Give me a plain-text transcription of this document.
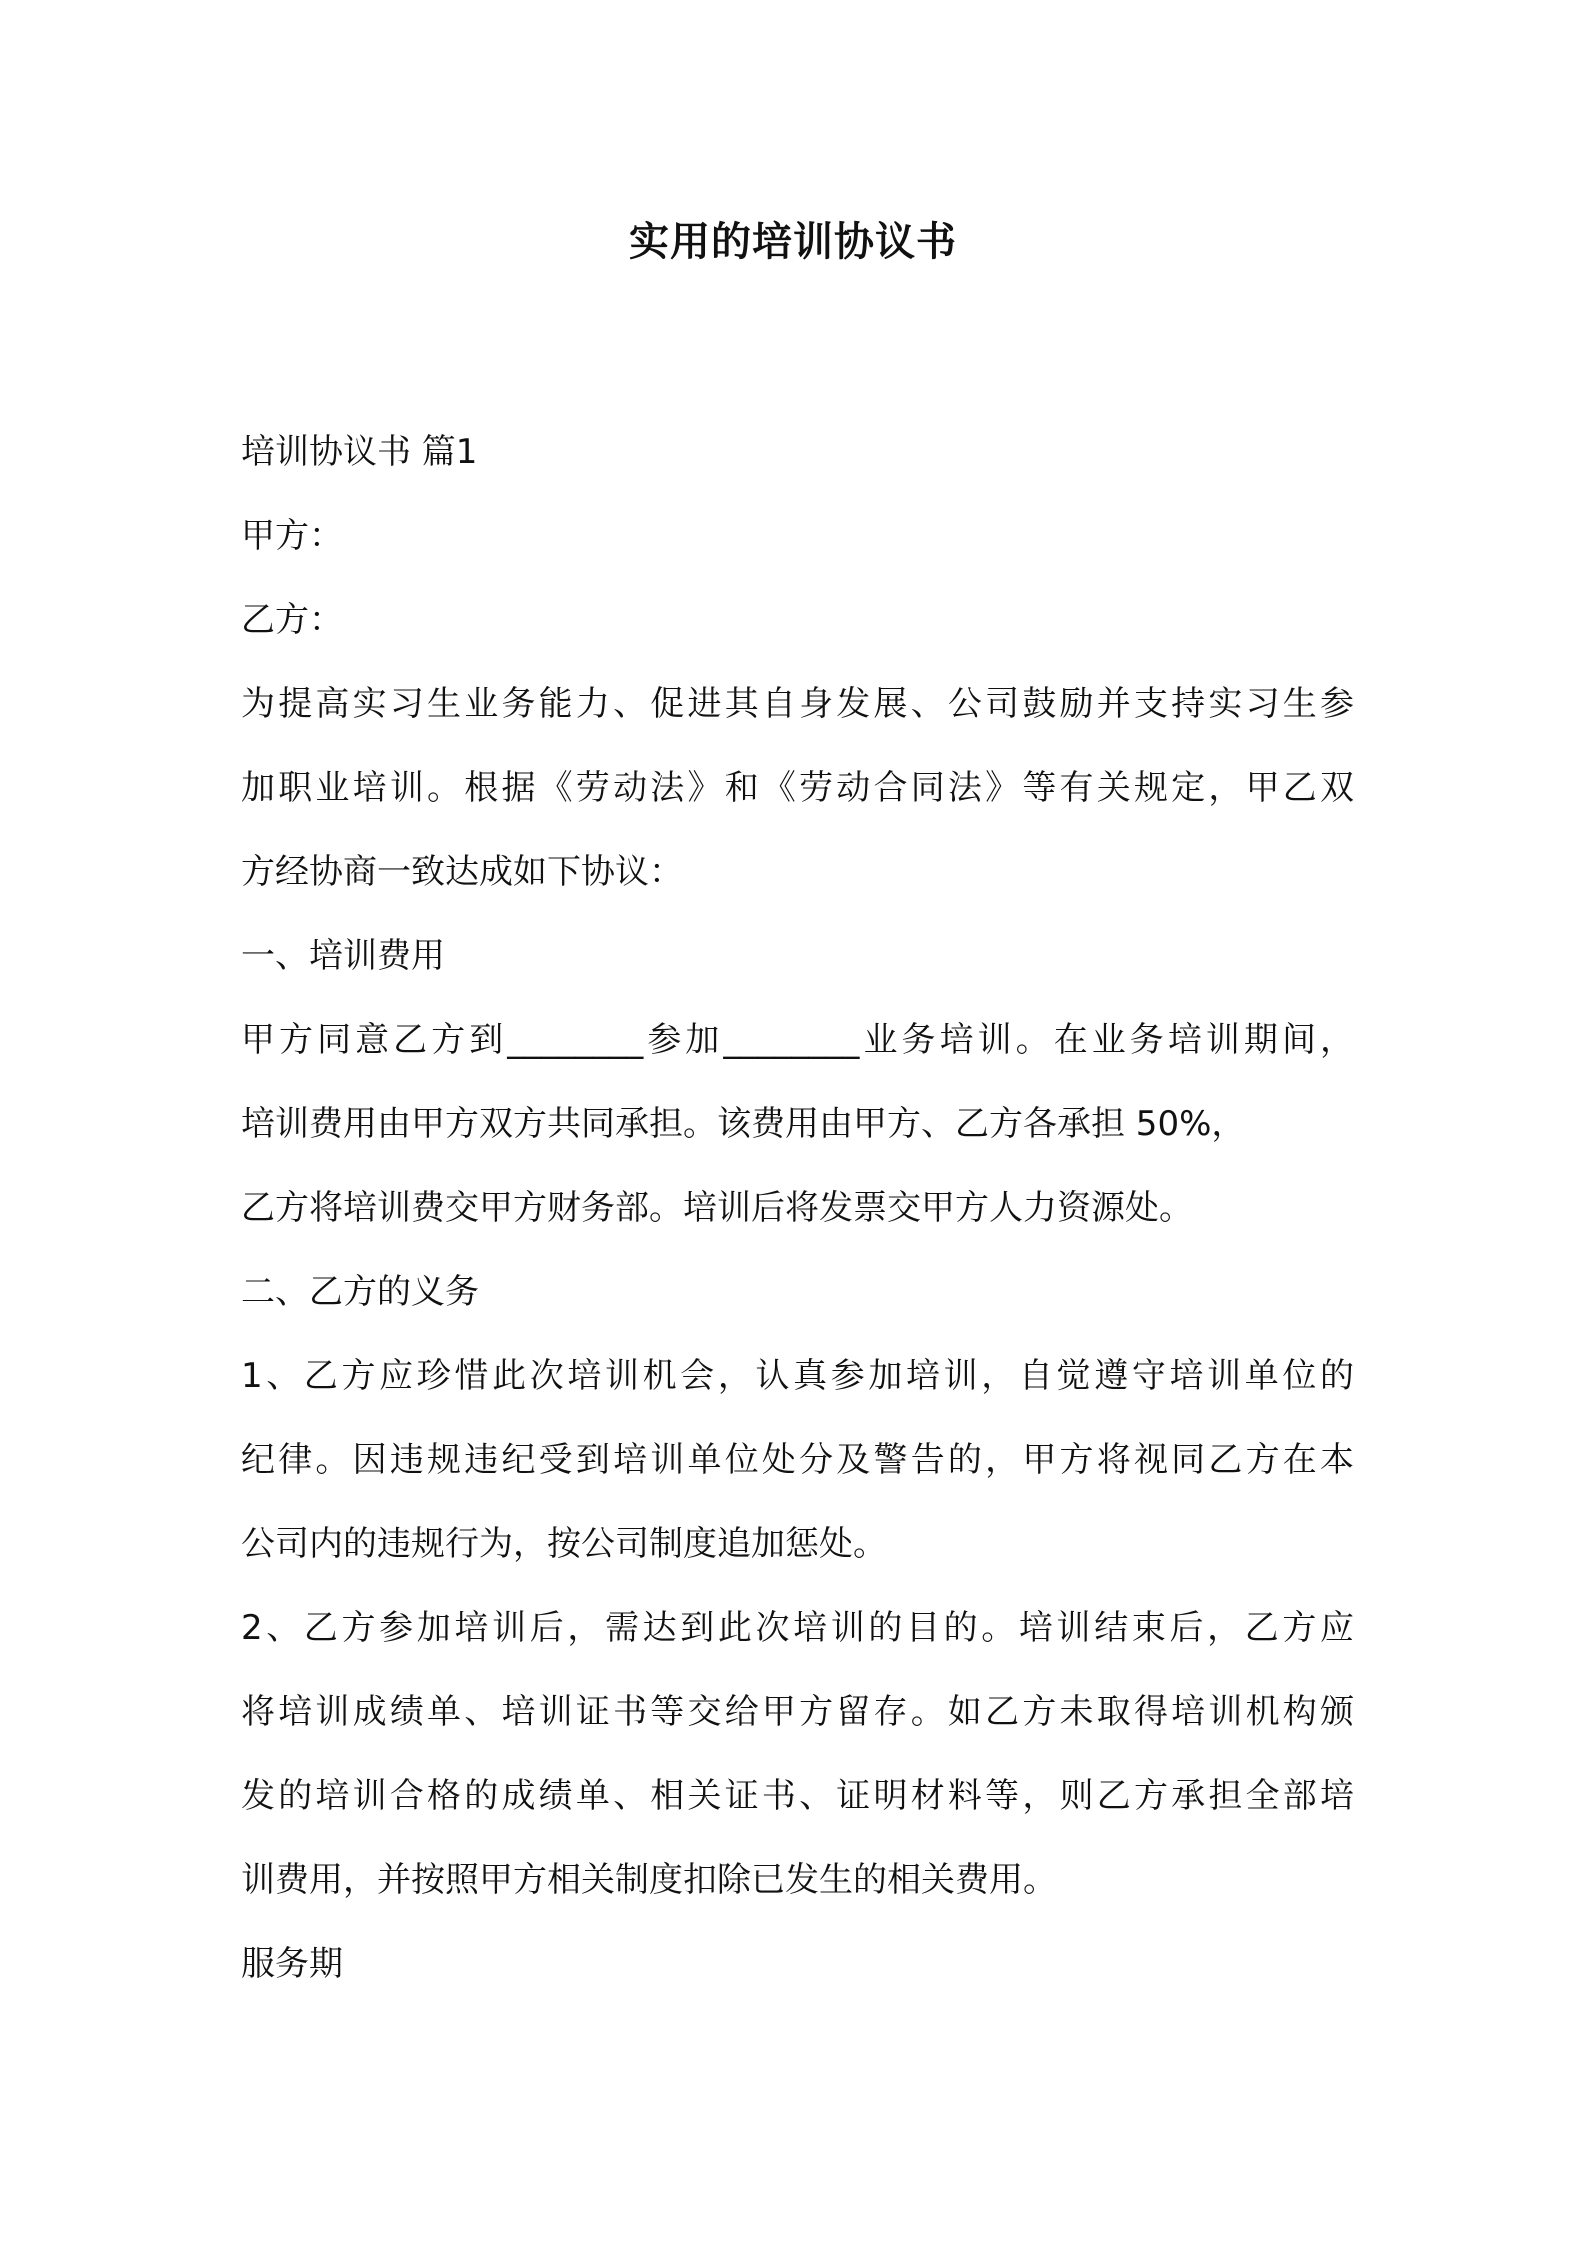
实用的培训协议书
培训协议书 篇1
甲方：
乙方：
为提高实习生业务能力、促进其自身发展、公司鼓励并支持实习生参
加职业培训。根据《劳动法》和《劳动合同法》等有关规定，甲乙双
方经协商一致达成如下协议：
一、培训费用
甲方同意乙方到________参加________业务培训。在业务培训期间，
培训费用由甲方双方共同承担。该费用由甲方、乙方各承担 50%，
乙方将培训费交甲方财务部。培训后将发票交甲方人力资源处。
二、乙方的义务
1、乙方应珍惜此次培训机会，认真参加培训，自觉遵守培训单位的
纪律。因违规违纪受到培训单位处分及警告的，甲方将视同乙方在本
公司内的违规行为，按公司制度追加惩处。
2、乙方参加培训后，需达到此次培训的目的。培训结束后，乙方应
将培训成绩单、培训证书等交给甲方留存。如乙方未取得培训机构颁
发的培训合格的成绩单、相关证书、证明材料等，则乙方承担全部培
训费用，并按照甲方相关制度扣除已发生的相关费用。
服务期
